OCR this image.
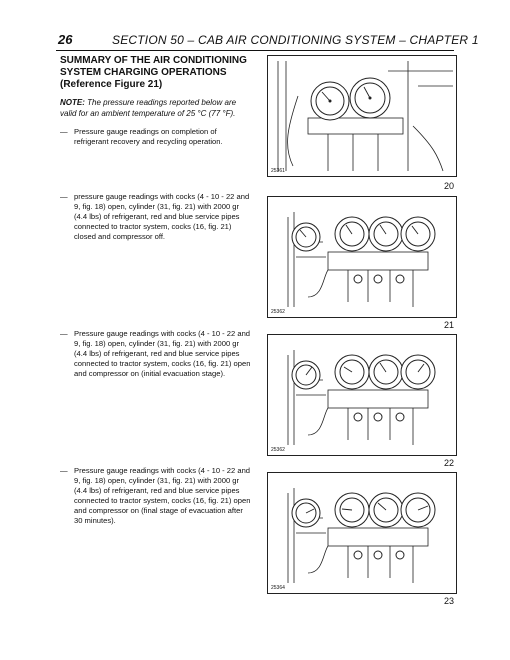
26	SECTION 50 – CAB AIR CONDITIONING SYSTEM – CHAPTER 1
SUMMARY OF THE AIR CONDITIONING
SYSTEM CHARGING OPERATIONS
(Reference Figure 21)
NOTE: The pressure readings reported below are valid for an ambient temperature of 25 °C (77 °F).
— Pressure gauge readings on completion of refrigerant recovery and recycling operation.
— pressure gauge readings with cocks (4 - 10 - 22 and 9, fig. 18) open, cylinder (31, fig. 21) with 2000 gr (4.4 lbs) of refrigerant, red and blue service pipes connected to tractor system, cocks (16, fig. 21) closed and compressor off.
— Pressure gauge readings with cocks (4 - 10 - 22 and 9, fig. 18) open, cylinder (31, fig. 21) with 2000 gr (4.4 lbs) of refrigerant, red and blue service pipes connected to tractor system, cocks (16, fig. 21) open and compressor on (initial evacuation stage).
— Pressure gauge readings with cocks (4 - 10 - 22 and 9, fig. 18) open, cylinder (31, fig. 21) with 2000 gr (4.4 lbs) of refrigerant, red and blue service pipes connected to tractor system, cocks (16, fig. 21) open and compressor on (final stage of evacuation after 30 minutes).
25361
20
25362
21
25362
22
25364
23
